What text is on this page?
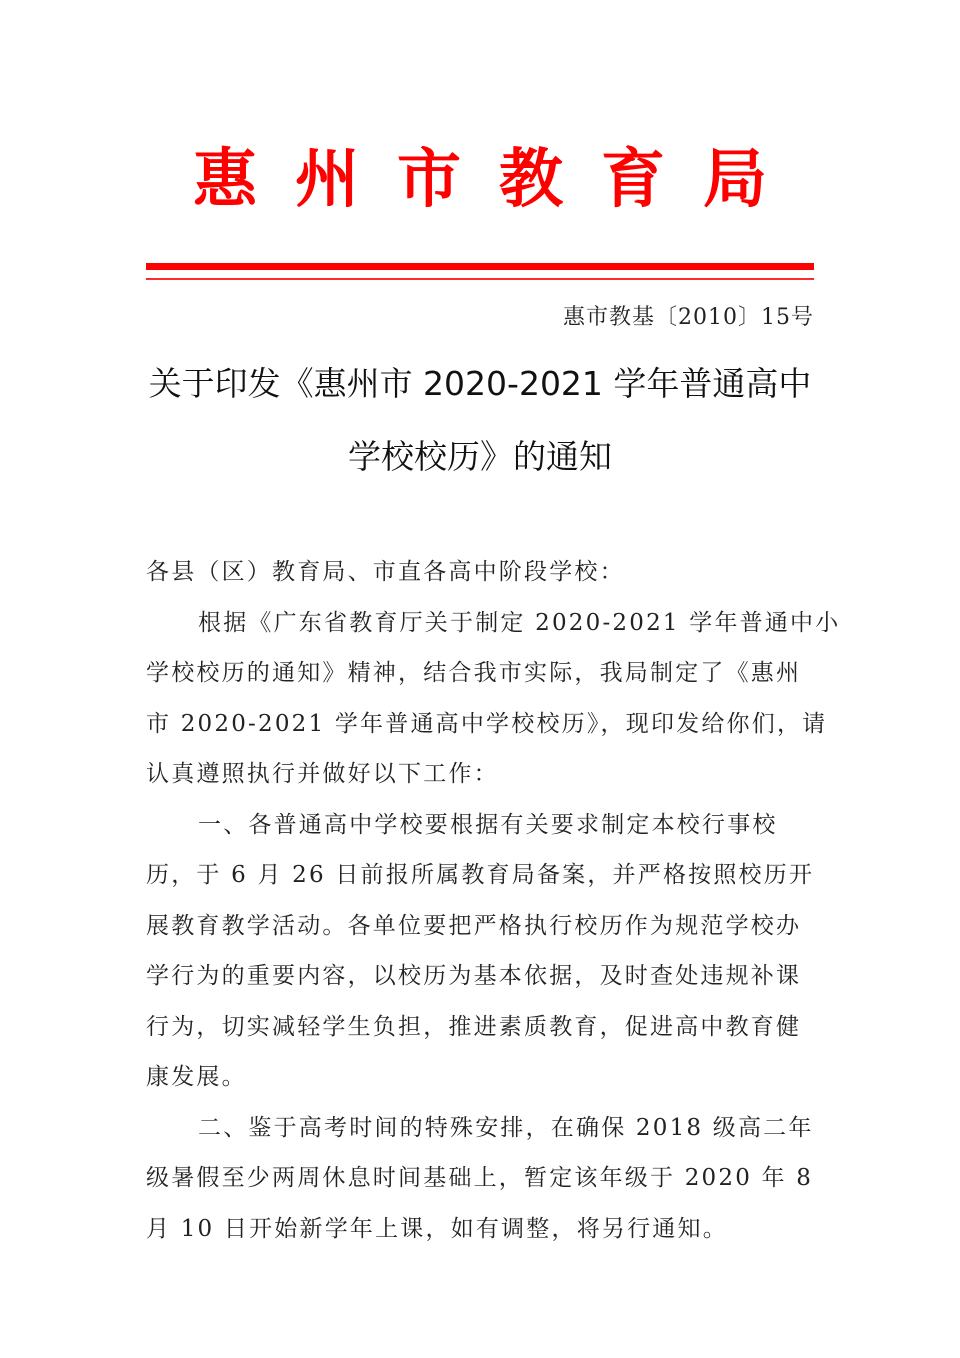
惠 州 市 教 育 局
惠市教基〔2010〕15号
关于印发《惠州市 2020-2021 学年普通高中
学校校历》的通知
各县（区）教育局、市直各高中阶段学校：
根据《广东省教育厅关于制定 2020-2021 学年普通中小
学校校历的通知》精神，结合我市实际，我局制定了《惠州
市 2020-2021 学年普通高中学校校历》，现印发给你们，请
认真遵照执行并做好以下工作：
一、各普通高中学校要根据有关要求制定本校行事校
历，于 6 月 26 日前报所属教育局备案，并严格按照校历开
展教育教学活动。各单位要把严格执行校历作为规范学校办
学行为的重要内容，以校历为基本依据，及时查处违规补课
行为，切实减轻学生负担，推进素质教育，促进高中教育健
康发展。
二、鉴于高考时间的特殊安排，在确保 2018 级高二年
级暑假至少两周休息时间基础上，暂定该年级于 2020 年 8
月 10 日开始新学年上课，如有调整，将另行通知。
